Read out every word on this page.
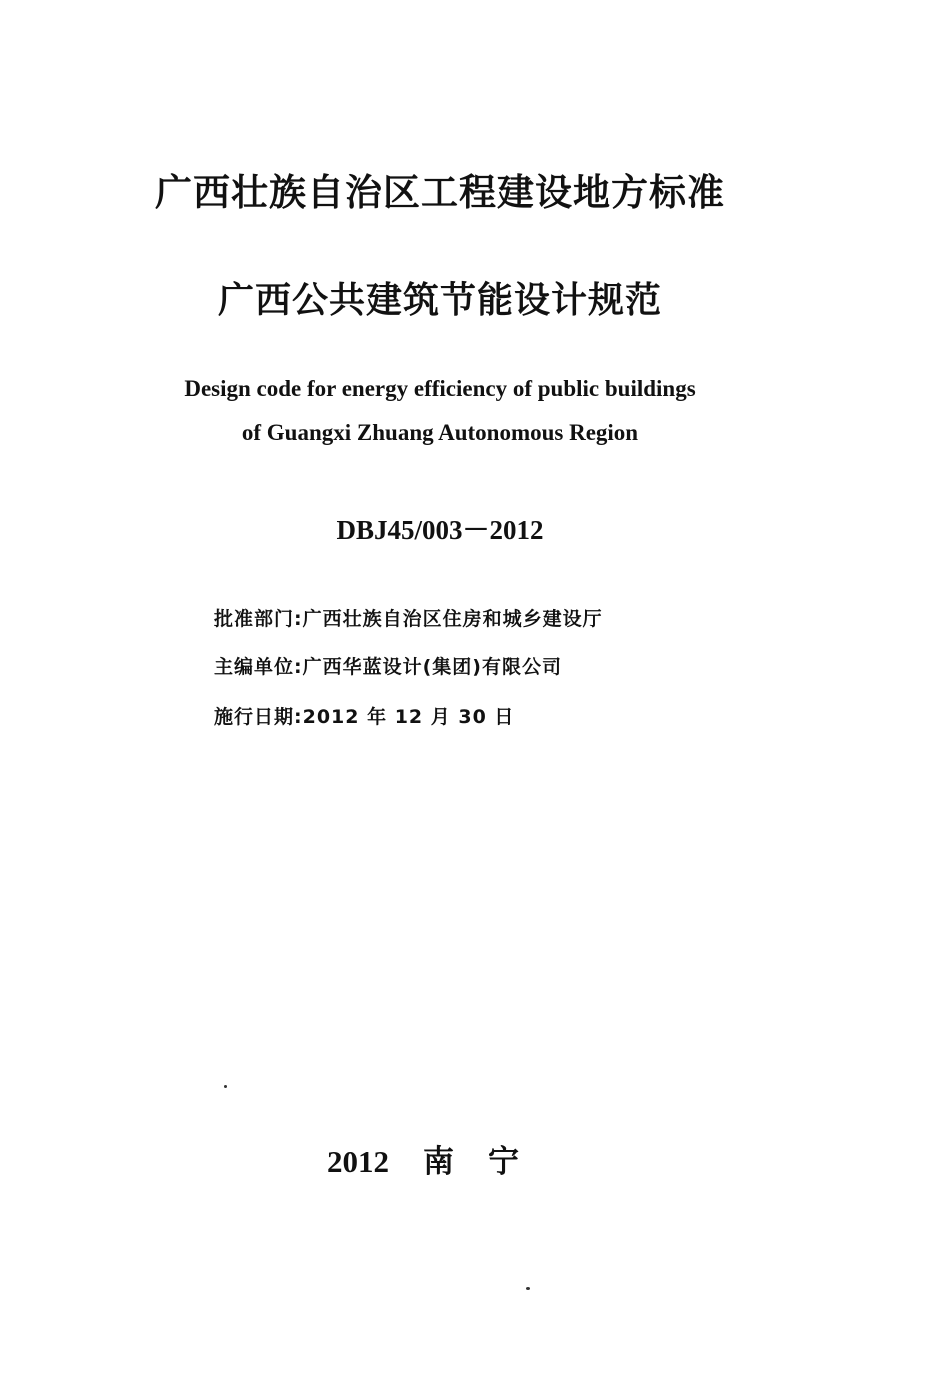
广西壮族自治区工程建设地方标准
广西公共建筑节能设计规范
Design code for energy efficiency of public buildings
of Guangxi Zhuang Autonomous Region
DBJ45/003－2012
批准部门:广西壮族自治区住房和城乡建设厅
主编单位:广西华蓝设计(集团)有限公司
施行日期:2012 年 12 月 30 日
2012 南宁
